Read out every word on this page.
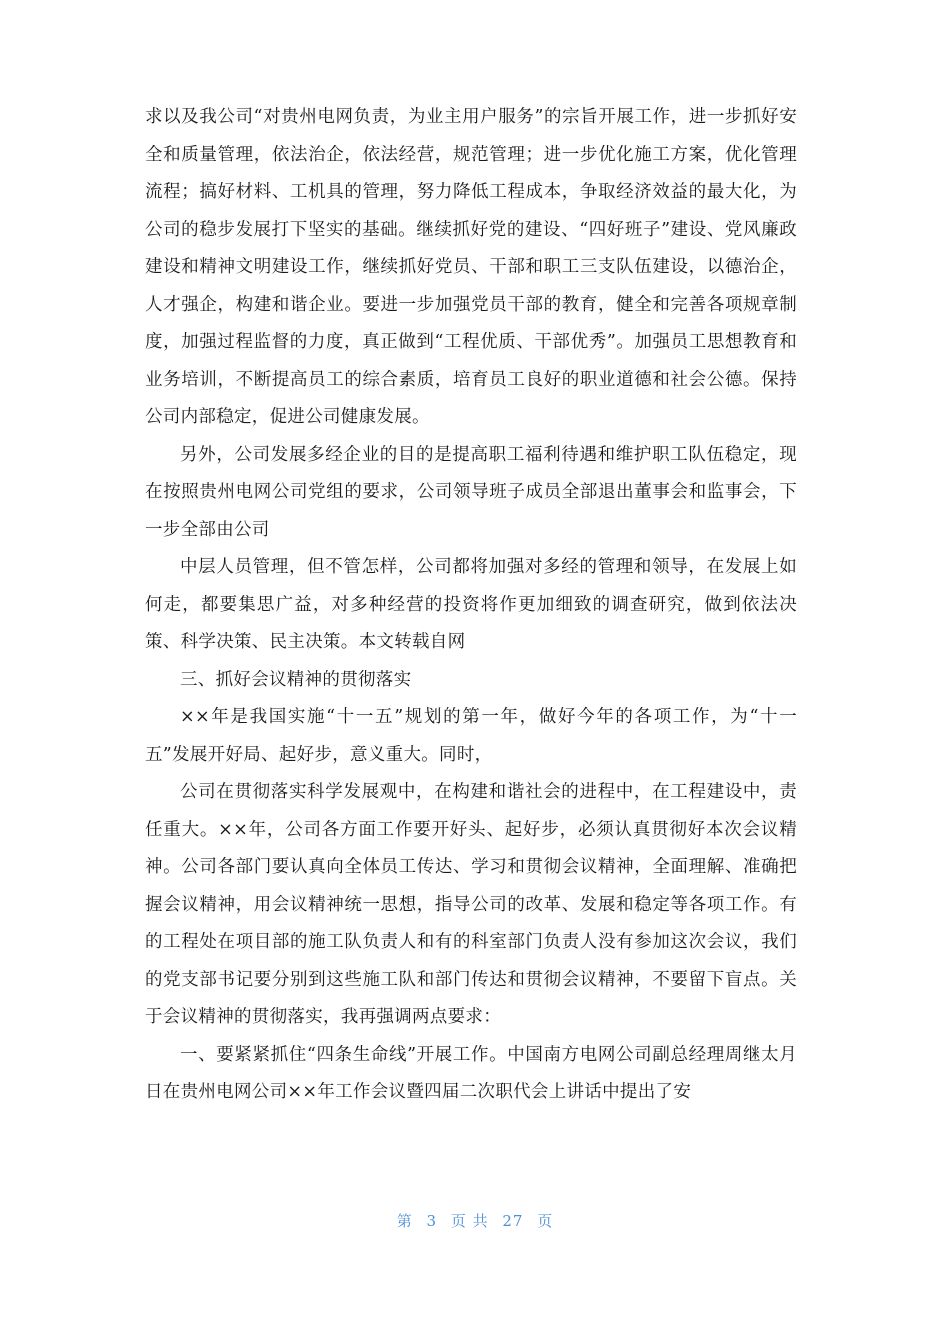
求以及我公司“对贵州电网负责，为业主用户服务”的宗旨开展工作，进一步抓好安全和质量管理，依法治企，依法经营，规范管理；进一步优化施工方案，优化管理流程；搞好材料、工机具的管理，努力降低工程成本，争取经济效益的最大化，为公司的稳步发展打下坚实的基础。继续抓好党的建设、“四好班子”建设、党风廉政建设和精神文明建设工作，继续抓好党员、干部和职工三支队伍建设，以德治企，人才强企，构建和谐企业。要进一步加强党员干部的教育，健全和完善各项规章制度，加强过程监督的力度，真正做到“工程优质、干部优秀”。加强员工思想教育和业务培训，不断提高员工的综合素质，培育员工良好的职业道德和社会公德。保持公司内部稳定，促进公司健康发展。

另外，公司发展多经企业的目的是提高职工福利待遇和维护职工队伍稳定，现在按照贵州电网公司党组的要求，公司领导班子成员全部退出董事会和监事会，下一步全部由公司

中层人员管理，但不管怎样，公司都将加强对多经的管理和领导，在发展上如何走，都要集思广益，对多种经营的投资将作更加细致的调查研究，做到依法决策、科学决策、民主决策。本文转载自网

三、抓好会议精神的贯彻落实

××年是我国实施“十一五”规划的第一年，做好今年的各项工作，为“十一五”发展开好局、起好步，意义重大。同时，

公司在贯彻落实科学发展观中，在构建和谐社会的进程中，在工程建设中，责任重大。××年，公司各方面工作要开好头、起好步，必须认真贯彻好本次会议精神。公司各部门要认真向全体员工传达、学习和贯彻会议精神，全面理解、准确把握会议精神，用会议精神统一思想，指导公司的改革、发展和稳定等各项工作。有的工程处在项目部的施工队负责人和有的科室部门负责人没有参加这次会议，我们的党支部书记要分别到这些施工队和部门传达和贯彻会议精神，不要留下盲点。关于会议精神的贯彻落实，我再强调两点要求：

一、要紧紧抓住“四条生命线”开展工作。中国南方电网公司副总经理周继太月日在贵州电网公司××年工作会议暨四届二次职代会上讲话中提出了安

第 3 页 共 27 页
